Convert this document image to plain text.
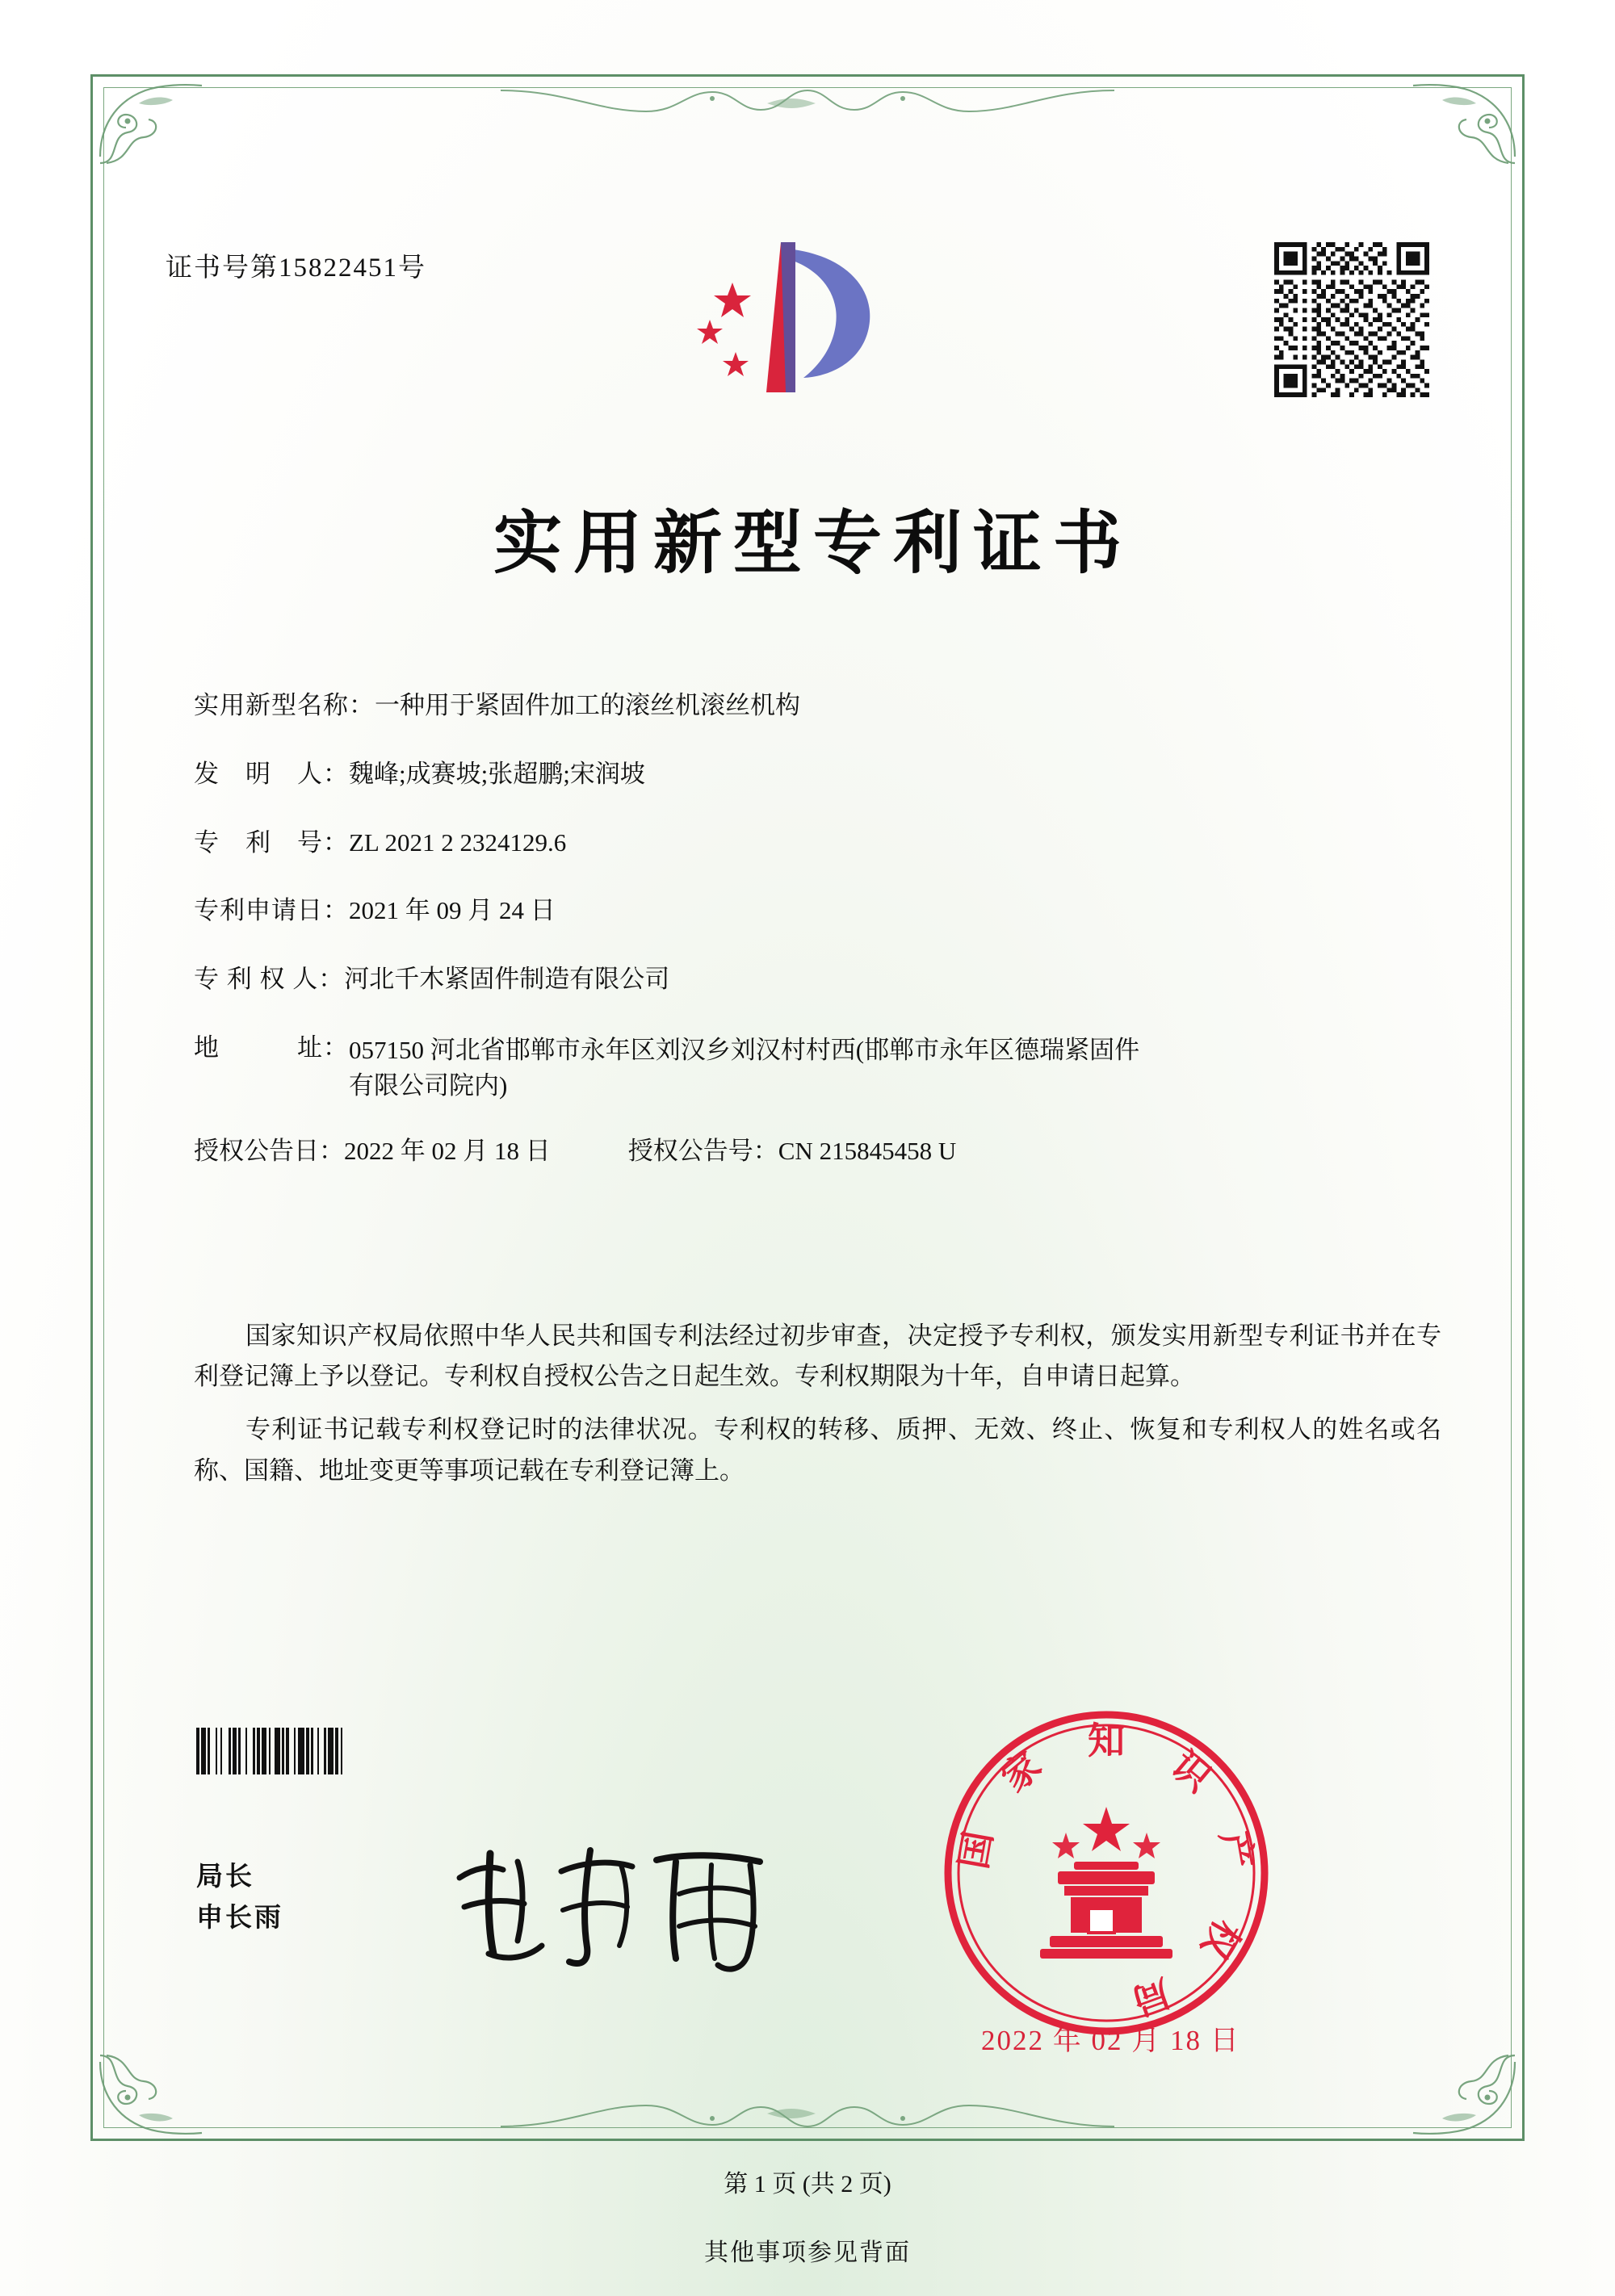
证书号第15822451号
实用新型专利证书
实用新型名称： 一种用于紧固件加工的滚丝机滚丝机构
发　明　人： 魏峰;成赛坡;张超鹏;宋润坡
专　利　号： ZL 2021 2 2324129.6
专利申请日： 2021 年 09 月 24 日
专 利 权 人： 河北千木紧固件制造有限公司
地　　　址： 057150 河北省邯郸市永年区刘汉乡刘汉村村西(邯郸市永年区德瑞紧固件有限公司院内)
授权公告日： 2022 年 02 月 18 日	授权公告号： CN 215845458 U

国家知识产权局依照中华人民共和国专利法经过初步审查，决定授予专利权，颁发实用新型专利证书并在专利登记簿上予以登记。专利权自授权公告之日起生效。专利权期限为十年，自申请日起算。

专利证书记载专利权登记时的法律状况。专利权的转移、质押、无效、终止、恢复和专利权人的姓名或名称、国籍、地址变更等事项记载在专利登记簿上。

局长
申长雨
知
识
产
权
局
家
国
2022 年 02 月 18 日
第 1 页 (共 2 页)
其他事项参见背面
